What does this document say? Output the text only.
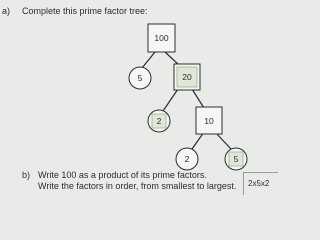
a) Complete this prime factor tree:
100
5	20
2	10
2	5
b) Write 100 as a product of its prime factors.
Write the factors in order, from smallest to largest. 2x5x2
